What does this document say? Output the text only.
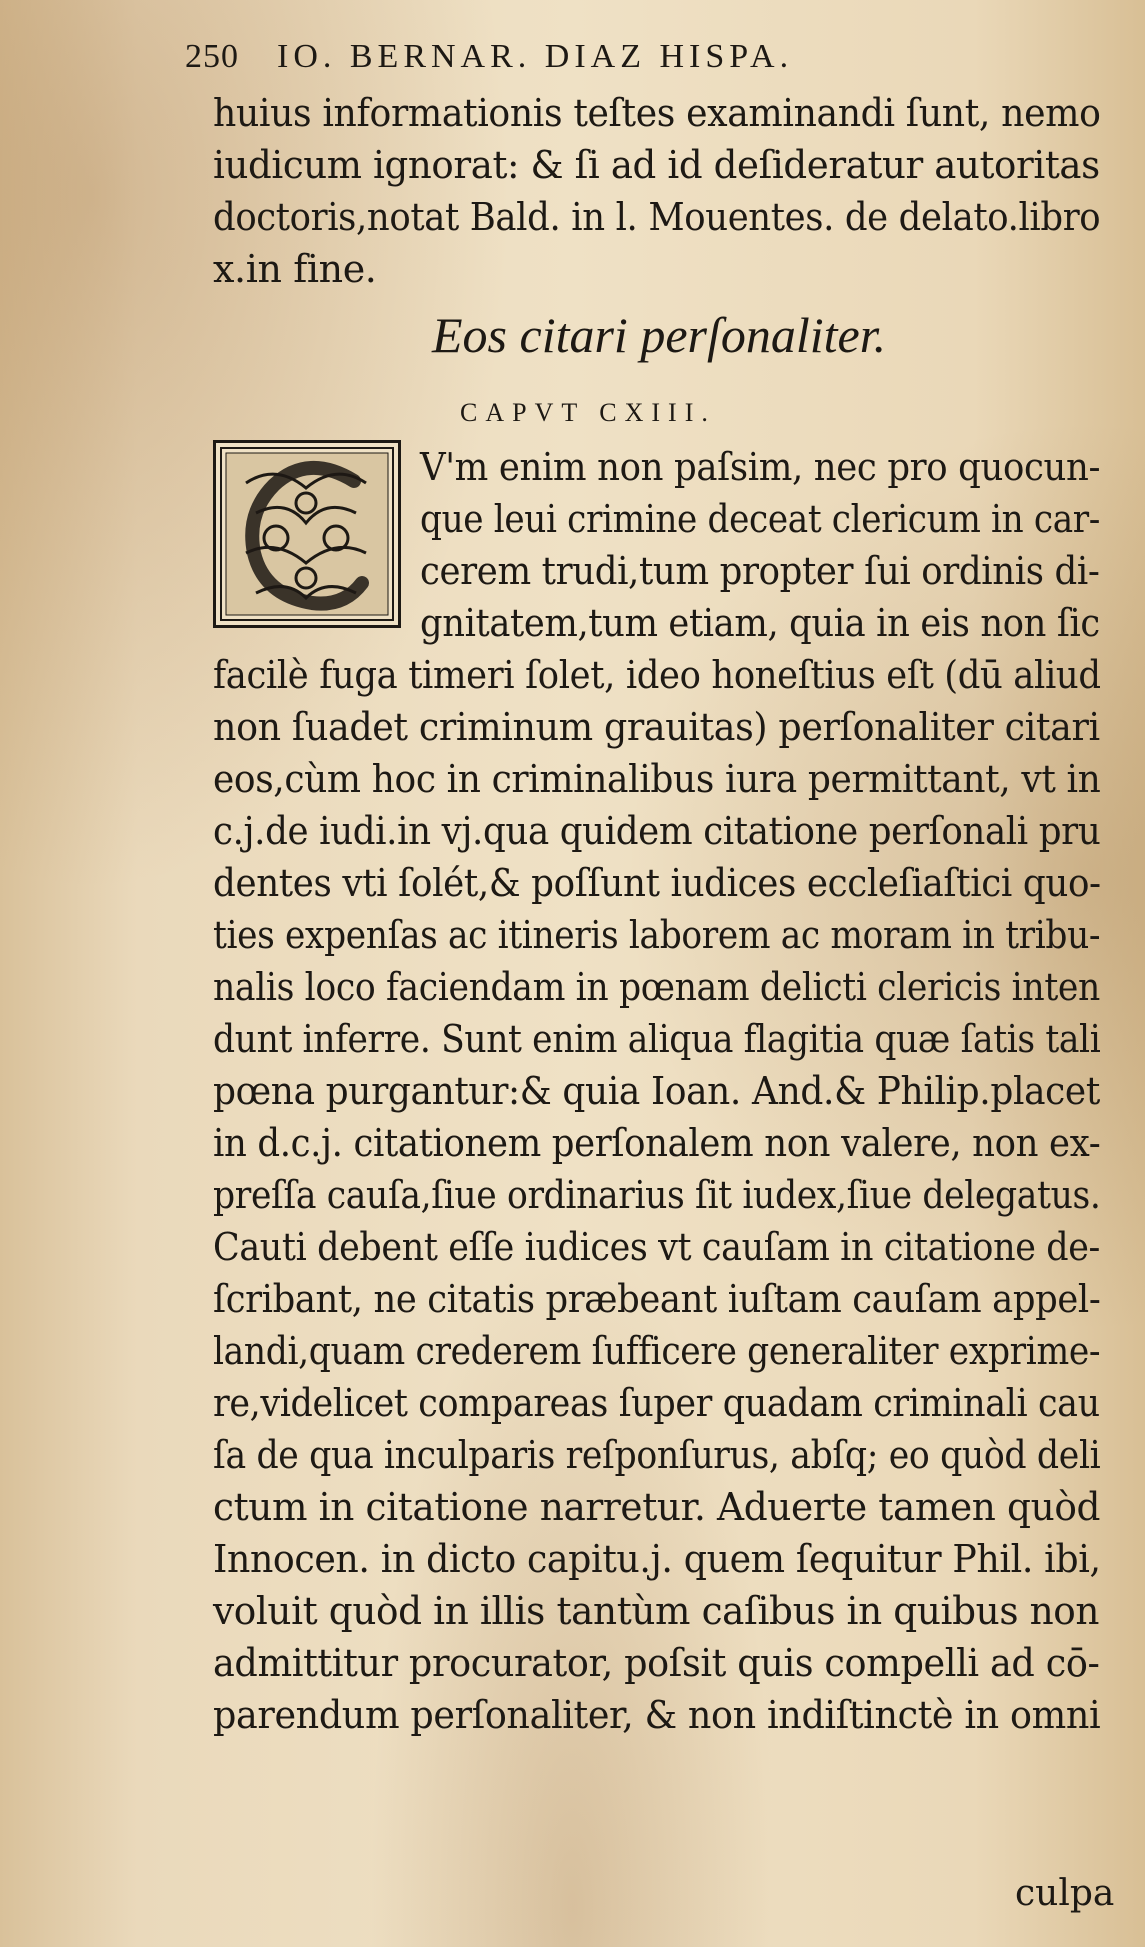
250 IO. BERNAR. DIAZ HISPA.
huius informationis teſtes examinandi ſunt, nemo
iudicum ignorat: & ſi ad id deſideratur autoritas
doctoris,notat Bald. in l. Mouentes. de delato.libro
x.in fine.
Eos citari perſonaliter.
CAPVT CXIII.
C
V'm enim non paſsim, nec pro quocun-
que leui crimine deceat clericum in car-
cerem trudi,tum propter ſui ordinis di-
gnitatem,tum etiam, quia in eis non ſic
facilè fuga timeri ſolet, ideo honeſtius eſt (dū aliud
non ſuadet criminum grauitas) perſonaliter citari
eos,cùm hoc in criminalibus iura permittant, vt in
c.j.de iudi.in vj.qua quidem citatione perſonali pru
dentes vti ſolét,& poſſunt iudices eccleſiaſtici quo-
ties expenſas ac itineris laborem ac moram in tribu-
nalis loco faciendam in pœnam delicti clericis inten
dunt inferre. Sunt enim aliqua flagitia quæ ſatis tali
pœna purgantur:& quia Ioan. And.& Philip.placet
in d.c.j. citationem perſonalem non valere, non ex-
preſſa cauſa,ſiue ordinarius ſit iudex,ſiue delegatus.
Cauti debent eſſe iudices vt cauſam in citatione de-
ſcribant, ne citatis præbeant iuſtam cauſam appel-
landi,quam crederem ſufficere generaliter exprime-
re,videlicet compareas ſuper quadam criminali cau
ſa de qua inculparis reſponſurus, abſq; eo quòd deli
ctum in citatione narretur. Aduerte tamen quòd
Innocen. in dicto capitu.j. quem ſequitur Phil. ibi,
voluit quòd in illis tantùm caſibus in quibus non
admittitur procurator, poſsit quis compelli ad cō-
parendum perſonaliter, & non indiſtinctè in omni
culpa
